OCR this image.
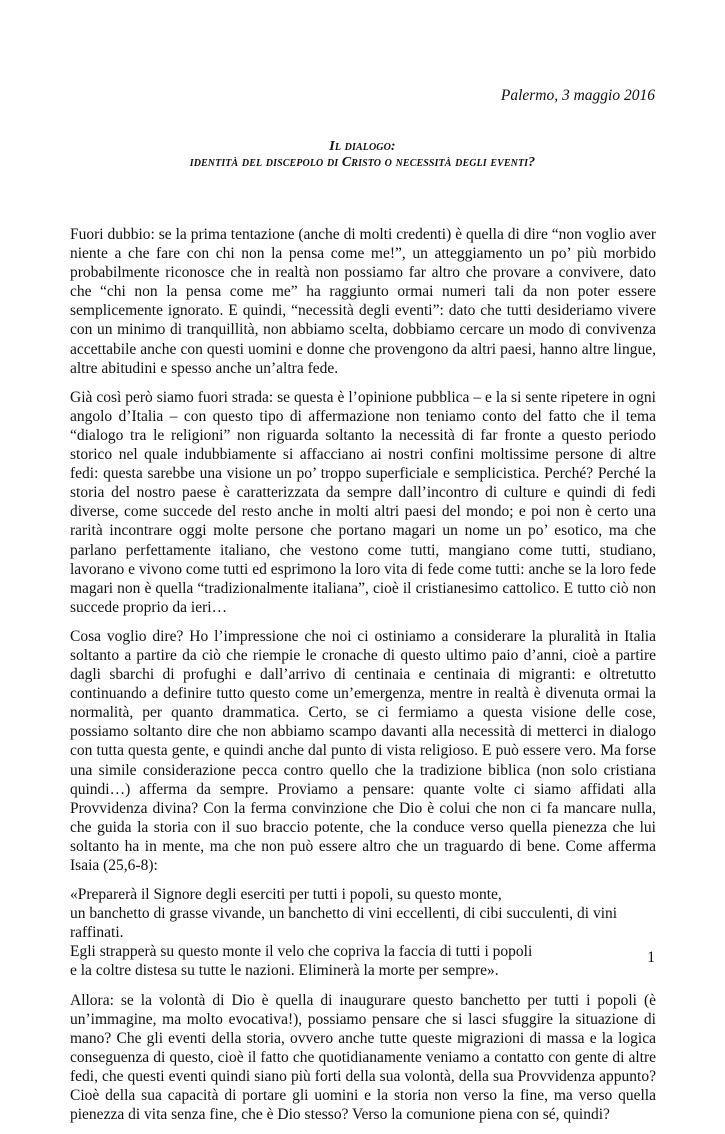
Palermo, 3 maggio 2016
Il dialogo:
identità del discepolo di Cristo o necessità degli eventi?

Fuori dubbio: se la prima tentazione (anche di molti credenti) è quella di dire “non voglio aver niente a che fare con chi non la pensa come me!”, un atteggiamento un po’ più morbido probabilmente riconosce che in realtà non possiamo far altro che provare a convivere, dato che “chi non la pensa come me” ha raggiunto ormai numeri tali da non poter essere semplicemente ignorato. E quindi, “necessità degli eventi”: dato che tutti desideriamo vivere con un minimo di tranquillità, non abbiamo scelta, dobbiamo cercare un modo di convivenza accettabile anche con questi uomini e donne che provengono da altri paesi, hanno altre lingue, altre abitudini e spesso anche un’altra fede.

Già così però siamo fuori strada: se questa è l’opinione pubblica – e la si sente ripetere in ogni angolo d’Italia – con questo tipo di affermazione non teniamo conto del fatto che il tema “dialogo tra le religioni” non riguarda soltanto la necessità di far fronte a questo periodo storico nel quale indubbiamente si affacciano ai nostri confini moltissime persone di altre fedi: questa sarebbe una visione un po’ troppo superficiale e semplicistica. Perché? Perché la storia del nostro paese è caratterizzata da sempre dall’incontro di culture e quindi di fedi diverse, come succede del resto anche in molti altri paesi del mondo; e poi non è certo una rarità incontrare oggi molte persone che portano magari un nome un po’ esotico, ma che parlano perfettamente italiano, che vestono come tutti, mangiano come tutti, studiano, lavorano e vivono come tutti ed esprimono la loro vita di fede come tutti: anche se la loro fede magari non è quella “tradizionalmente italiana”, cioè il cristianesimo cattolico. E tutto ciò non succede proprio da ieri…

Cosa voglio dire? Ho l’impressione che noi ci ostiniamo a considerare la pluralità in Italia soltanto a partire da ciò che riempie le cronache di questo ultimo paio d’anni, cioè a partire dagli sbarchi di profughi e dall’arrivo di centinaia e centinaia di migranti: e oltretutto continuando a definire tutto questo come un’emergenza, mentre in realtà è divenuta ormai la normalità, per quanto drammatica. Certo, se ci fermiamo a questa visione delle cose, possiamo soltanto dire che non abbiamo scampo davanti alla necessità di metterci in dialogo con tutta questa gente, e quindi anche dal punto di vista religioso. E può essere vero. Ma forse una simile considerazione pecca contro quello che la tradizione biblica (non solo cristiana quindi…) afferma da sempre. Proviamo a pensare: quante volte ci siamo affidati alla Provvidenza divina? Con la ferma convinzione che Dio è colui che non ci fa mancare nulla, che guida la storia con il suo braccio potente, che la conduce verso quella pienezza che lui soltanto ha in mente, ma che non può essere altro che un traguardo di bene. Come afferma Isaia (25,6-8):

«Preparerà il Signore degli eserciti per tutti i popoli, su questo monte,

un banchetto di grasse vivande, un banchetto di vini eccellenti, di cibi succulenti, di vini raffinati.

Egli strapperà su questo monte il velo che copriva la faccia di tutti i popoli

e la coltre distesa su tutte le nazioni. Eliminerà la morte per sempre».

Allora: se la volontà di Dio è quella di inaugurare questo banchetto per tutti i popoli (è un’immagine, ma molto evocativa!), possiamo pensare che si lasci sfuggire la situazione di mano? Che gli eventi della storia, ovvero anche tutte queste migrazioni di massa e la logica conseguenza di questo, cioè il fatto che quotidianamente veniamo a contatto con gente di altre fedi, che questi eventi quindi siano più forti della sua volontà, della sua Provvidenza appunto? Cioè della sua capacità di portare gli uomini e la storia non verso la fine, ma verso quella pienezza di vita senza fine, che è Dio stesso? Verso la comunione piena con sé, quindi?

1
